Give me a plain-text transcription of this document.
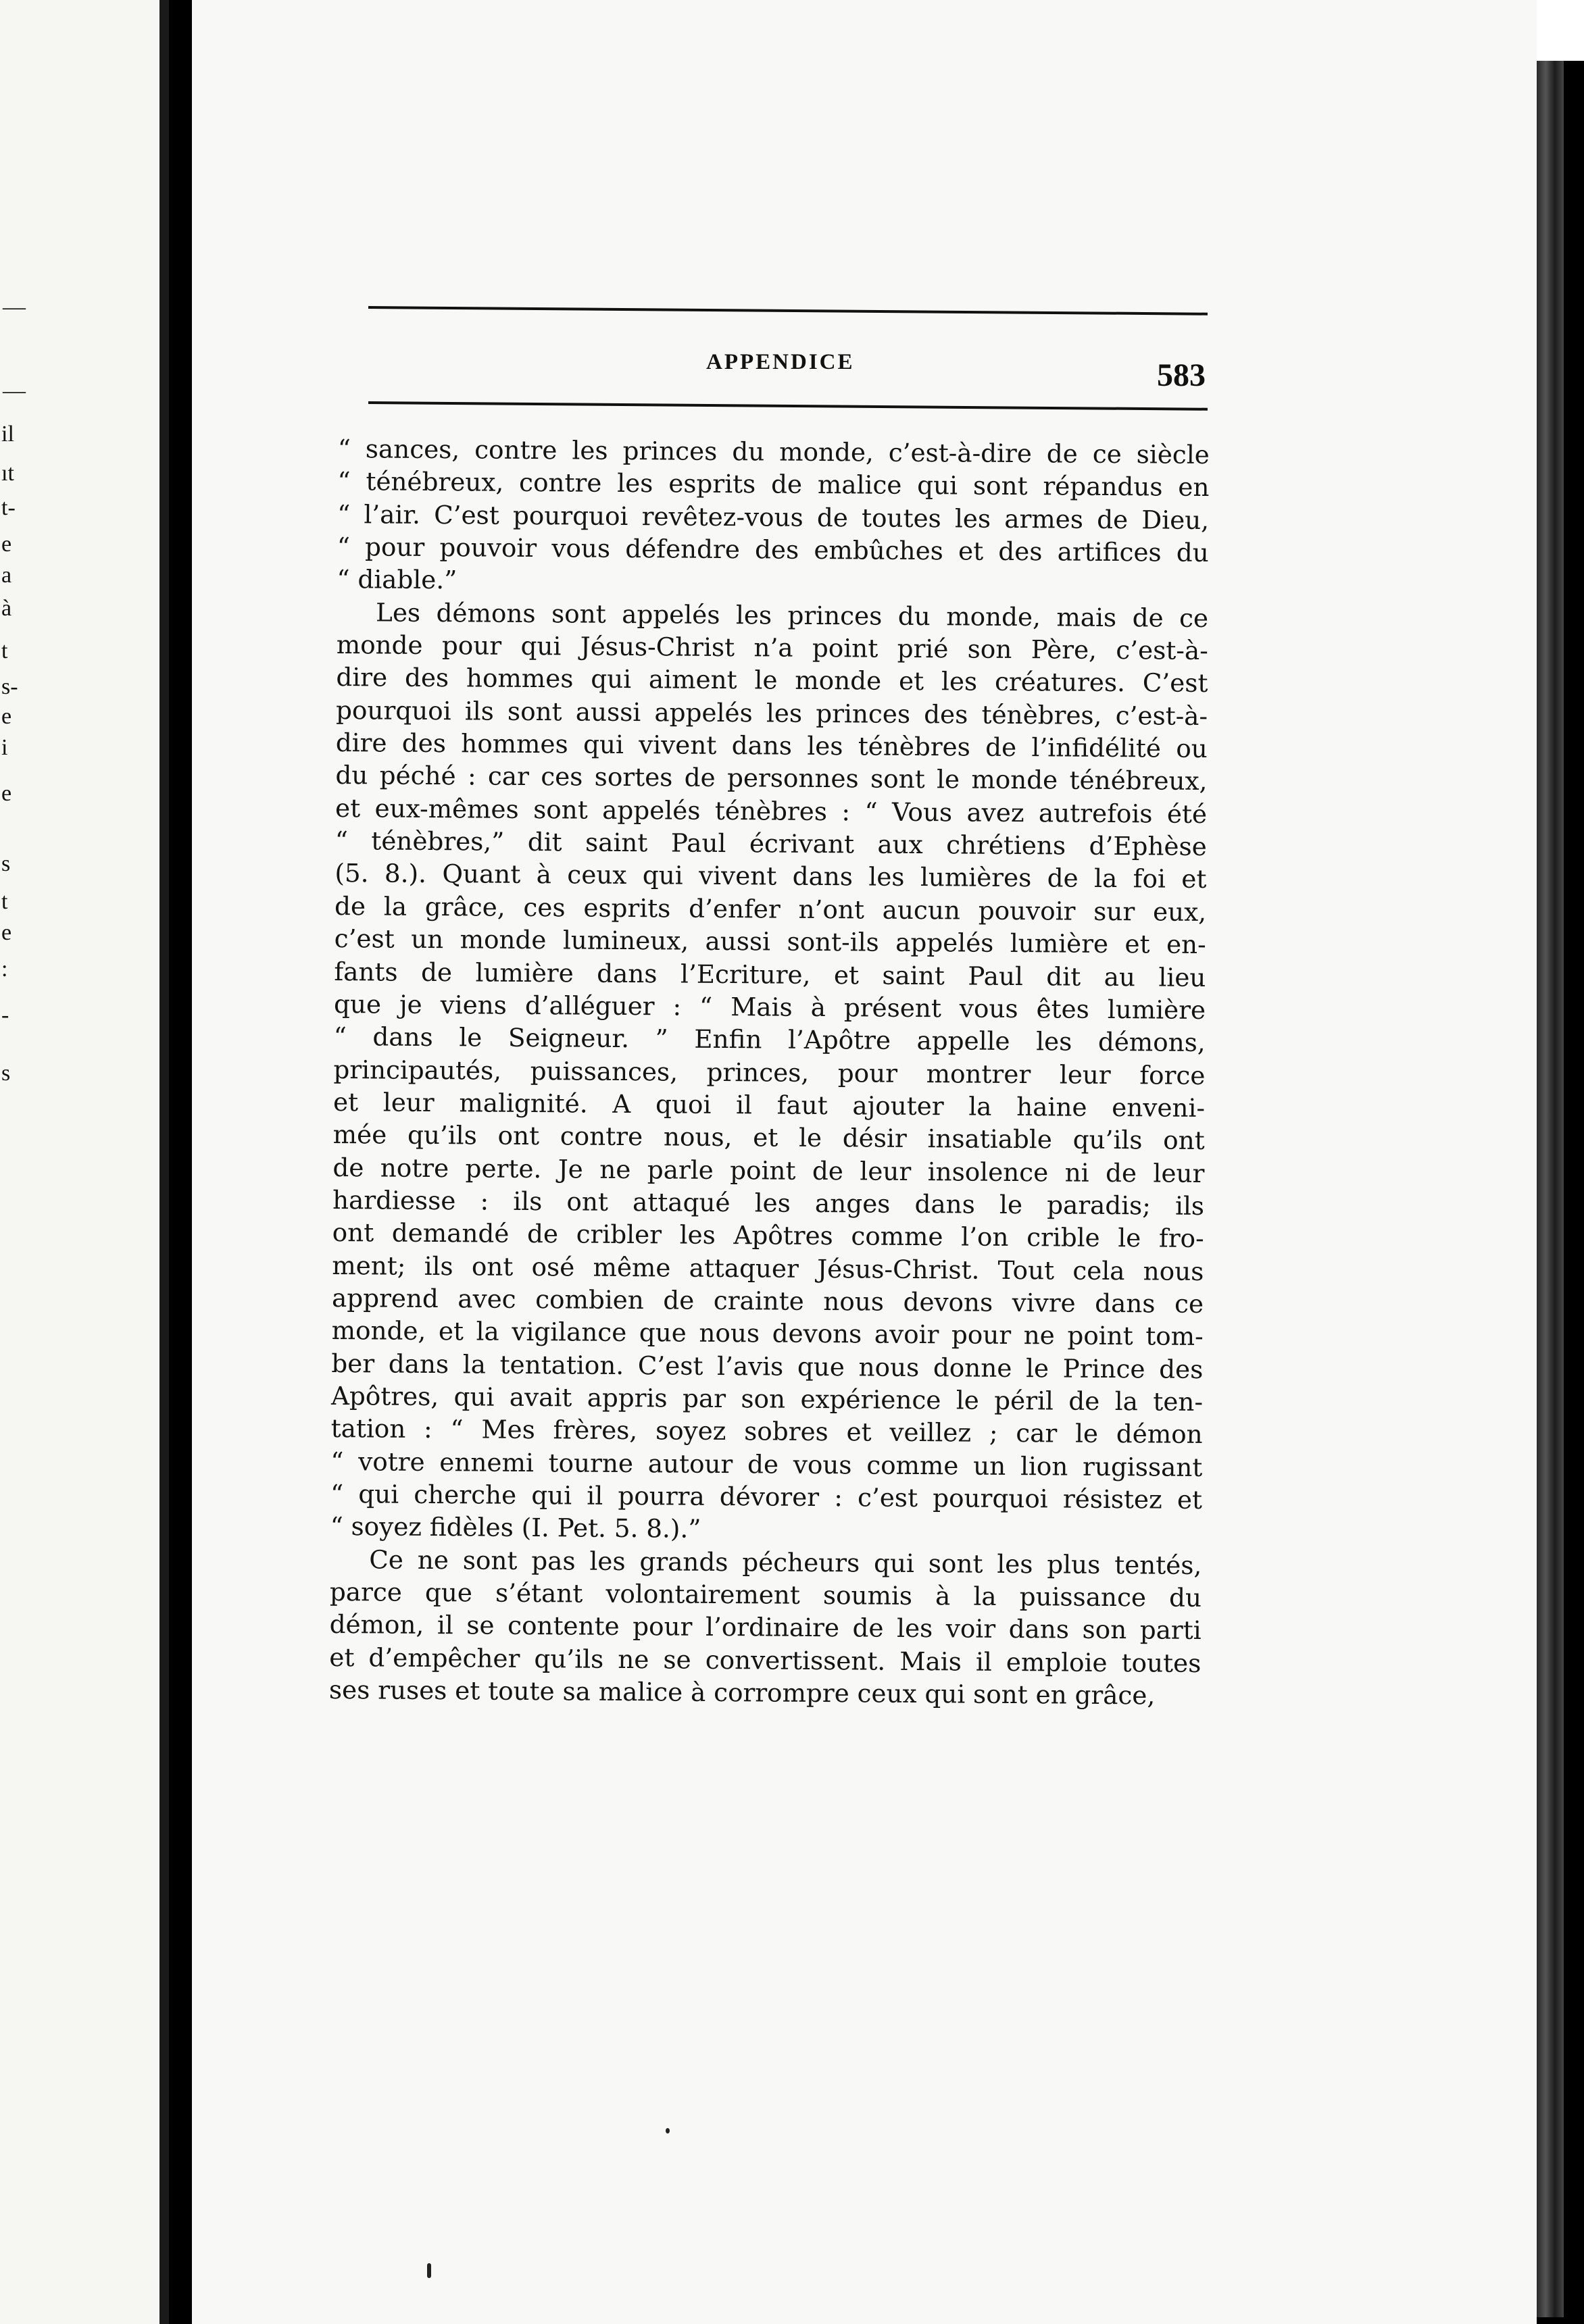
—
—
il
ıt
t-
e
a
à
t
s-
e
i
e
s
t
e
:
-
s
APPENDICE	583

“ sances, contre les princes du monde, c’est-à-dire de ce siècle

“ ténébreux, contre les esprits de malice qui sont répandus en

“ l’air. C’est pourquoi revêtez-vous de toutes les armes de Dieu,

“ pour pouvoir vous défendre des embûches et des artifices du

“ diable.”

Les démons sont appelés les princes du monde, mais de ce

monde pour qui Jésus-Christ n’a point prié son Père, c’est-à-

dire des hommes qui aiment le monde et les créatures. C’est

pourquoi ils sont aussi appelés les princes des ténèbres, c’est-à-

dire des hommes qui vivent dans les ténèbres de l’infidélité ou

du péché : car ces sortes de personnes sont le monde ténébreux,

et eux-mêmes sont appelés ténèbres : “ Vous avez autrefois été

“ ténèbres,” dit saint Paul écrivant aux chrétiens d’Ephèse

(5. 8.). Quant à ceux qui vivent dans les lumières de la foi et

de la grâce, ces esprits d’enfer n’ont aucun pouvoir sur eux,

c’est un monde lumineux, aussi sont-ils appelés lumière et en-

fants de lumière dans l’Ecriture, et saint Paul dit au lieu

que je viens d’alléguer : “ Mais à présent vous êtes lumière

“ dans le Seigneur. ” Enfin l’Apôtre appelle les démons,

principautés, puissances, princes, pour montrer leur force

et leur malignité. A quoi il faut ajouter la haine enveni-

mée qu’ils ont contre nous, et le désir insatiable qu’ils ont

de notre perte. Je ne parle point de leur insolence ni de leur

hardiesse : ils ont attaqué les anges dans le paradis; ils

ont demandé de cribler les Apôtres comme l’on crible le fro-

ment; ils ont osé même attaquer Jésus-Christ. Tout cela nous

apprend avec combien de crainte nous devons vivre dans ce

monde, et la vigilance que nous devons avoir pour ne point tom-

ber dans la tentation. C’est l’avis que nous donne le Prince des

Apôtres, qui avait appris par son expérience le péril de la ten-

tation : “ Mes frères, soyez sobres et veillez ; car le démon

“ votre ennemi tourne autour de vous comme un lion rugissant

“ qui cherche qui il pourra dévorer : c’est pourquoi résistez et

“ soyez fidèles (I. Pet. 5. 8.).”

Ce ne sont pas les grands pécheurs qui sont les plus tentés,

parce que s’étant volontairement soumis à la puissance du

démon, il se contente pour l’ordinaire de les voir dans son parti

et d’empêcher qu’ils ne se convertissent. Mais il emploie toutes

ses ruses et toute sa malice à corrompre ceux qui sont en grâce,
